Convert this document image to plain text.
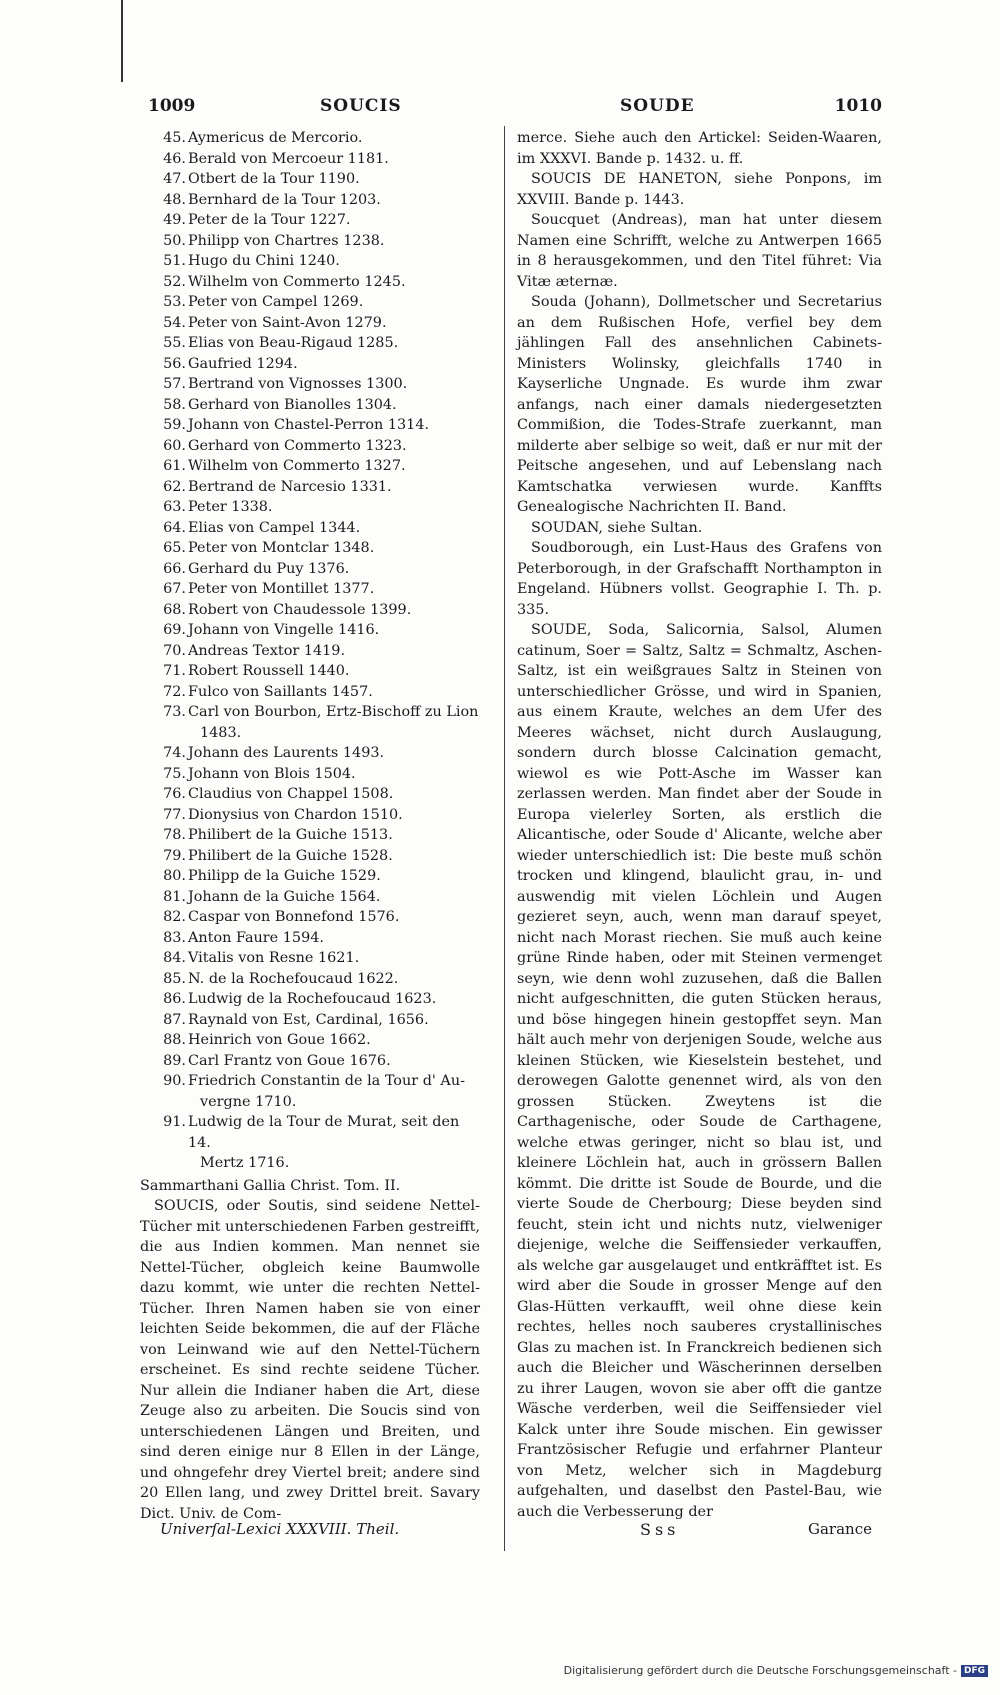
1009	SOUCIS	SOUDE	1010
45. Aymericus de Mercorio.
46. Berald von Mercoeur 1181.
47. Otbert de la Tour 1190.
48. Bernhard de la Tour 1203.
49. Peter de la Tour 1227.
50. Philipp von Chartres 1238.
51. Hugo du Chini 1240.
52. Wilhelm von Commerto 1245.
53. Peter von Campel 1269.
54. Peter von Saint-Avon 1279.
55. Elias von Beau-Rigaud 1285.
56. Gaufried 1294.
57. Bertrand von Vignosses 1300.
58. Gerhard von Bianolles 1304.
59. Johann von Chastel-Perron 1314.
60. Gerhard von Commerto 1323.
61. Wilhelm von Commerto 1327.
62. Bertrand de Narcesio 1331.
63. Peter 1338.
64. Elias von Campel 1344.
65. Peter von Montclar 1348.
66. Gerhard du Puy 1376.
67. Peter von Montillet 1377.
68. Robert von Chaudessole 1399.
69. Johann von Vingelle 1416.
70. Andreas Textor 1419.
71. Robert Roussell 1440.
72. Fulco von Saillants 1457.
73. Carl von Bourbon, Ertz-Bischoff zu Lion
1483.
74. Johann des Laurents 1493.
75. Johann von Blois 1504.
76. Claudius von Chappel 1508.
77. Dionysius von Chardon 1510.
78. Philibert de la Guiche 1513.
79. Philibert de la Guiche 1528.
80. Philipp de la Guiche 1529.
81. Johann de la Guiche 1564.
82. Caspar von Bonnefond 1576.
83. Anton Faure 1594.
84. Vitalis von Resne 1621.
85. N. de la Rochefoucaud 1622.
86. Ludwig de la Rochefoucaud 1623.
87. Raynald von Est, Cardinal, 1656.
88. Heinrich von Goue 1662.
89. Carl Frantz von Goue 1676.
90. Friedrich Constantin de la Tour d' Au-
vergne 1710.
91. Ludwig de la Tour de Murat, seit den 14.
Mertz 1716.

Sammarthani Gallia Christ. Tom. II.

SOUCIS, oder Soutis, sind seidene Nettel-Tücher mit unterschiedenen Farben gestreifft, die aus Indien kommen. Man nennet sie Nettel-Tücher, obgleich keine Baumwolle dazu kommt, wie unter die rechten Nettel-Tücher. Ihren Namen haben sie von einer leichten Seide bekommen, die auf der Fläche von Leinwand wie auf den Nettel-Tüchern erscheinet. Es sind rechte seidene Tücher. Nur allein die Indianer haben die Art, diese Zeuge also zu arbeiten. Die Soucis sind von unterschiedenen Längen und Breiten, und sind deren einige nur 8 Ellen in der Länge, und ohngefehr drey Viertel breit; andere sind 20 Ellen lang, und zwey Drittel breit. Savary Dict. Univ. de Com-

merce. Siehe auch den Artickel: Seiden-Waaren, im XXXVI. Bande p. 1432. u. ff.

SOUCIS DE HANETON, siehe Ponpons, im XXVIII. Bande p. 1443.

Soucquet (Andreas), man hat unter diesem Namen eine Schrifft, welche zu Antwerpen 1665 in 8 herausgekommen, und den Titel führet: Via Vitæ æternæ.

Souda (Johann), Dollmetscher und Secretarius an dem Rußischen Hofe, verfiel bey dem jählingen Fall des ansehnlichen Cabinets-Ministers Wolinsky, gleichfalls 1740 in Kayserliche Ungnade. Es wurde ihm zwar anfangs, nach einer damals niedergesetzten Commißion, die Todes-Strafe zuerkannt, man milderte aber selbige so weit, daß er nur mit der Peitsche angesehen, und auf Lebenslang nach Kamtschatka verwiesen wurde. Kanffts Genealogische Nachrichten II. Band.

SOUDAN, siehe Sultan.

Soudborough, ein Lust-Haus des Grafens von Peterborough, in der Grafschafft Northampton in Engeland. Hübners vollst. Geographie I. Th. p. 335.

SOUDE, Soda, Salicornia, Salsol, Alumen catinum, Soer = Saltz, Saltz = Schmaltz, Aschen-Saltz, ist ein weißgraues Saltz in Steinen von unterschiedlicher Grösse, und wird in Spanien, aus einem Kraute, welches an dem Ufer des Meeres wächset, nicht durch Auslaugung, sondern durch blosse Calcination gemacht, wiewol es wie Pott-Asche im Wasser kan zerlassen werden. Man findet aber der Soude in Europa vielerley Sorten, als erstlich die Alicantische, oder Soude d' Alicante, welche aber wieder unterschiedlich ist: Die beste muß schön trocken und klingend, blaulicht grau, in- und auswendig mit vielen Löchlein und Augen gezieret seyn, auch, wenn man darauf speyet, nicht nach Morast riechen. Sie muß auch keine grüne Rinde haben, oder mit Steinen vermenget seyn, wie denn wohl zuzusehen, daß die Ballen nicht aufgeschnitten, die guten Stücken heraus, und böse hingegen hinein gestopffet seyn. Man hält auch mehr von derjenigen Soude, welche aus kleinen Stücken, wie Kieselstein bestehet, und derowegen Galotte genennet wird, als von den grossen Stücken. Zweytens ist die Carthagenische, oder Soude de Carthagene, welche etwas geringer, nicht so blau ist, und kleinere Löchlein hat, auch in grössern Ballen kömmt. Die dritte ist Soude de Bourde, und die vierte Soude de Cherbourg; Diese beyden sind feucht, stein icht und nichts nutz, vielweniger diejenige, welche die Seiffensieder verkauffen, als welche gar ausgelauget und entkräfftet ist. Es wird aber die Soude in grosser Menge auf den Glas-Hütten verkaufft, weil ohne diese kein rechtes, helles noch sauberes crystallinisches Glas zu machen ist. In Franckreich bedienen sich auch die Bleicher und Wäscherinnen derselben zu ihrer Laugen, wovon sie aber offt die gantze Wäsche verderben, weil die Seiffensieder viel Kalck unter ihre Soude mischen. Ein gewisser Frantzösischer Refugie und erfahrner Planteur von Metz, welcher sich in Magdeburg aufgehalten, und daselbst den Pastel-Bau, wie auch die Verbesserung der

Univerſal-Lexici XXXVIII. Theil.	Sss	Garance
Digitalisierung gefördert durch die Deutsche Forschungsgemeinschaft - DFG
